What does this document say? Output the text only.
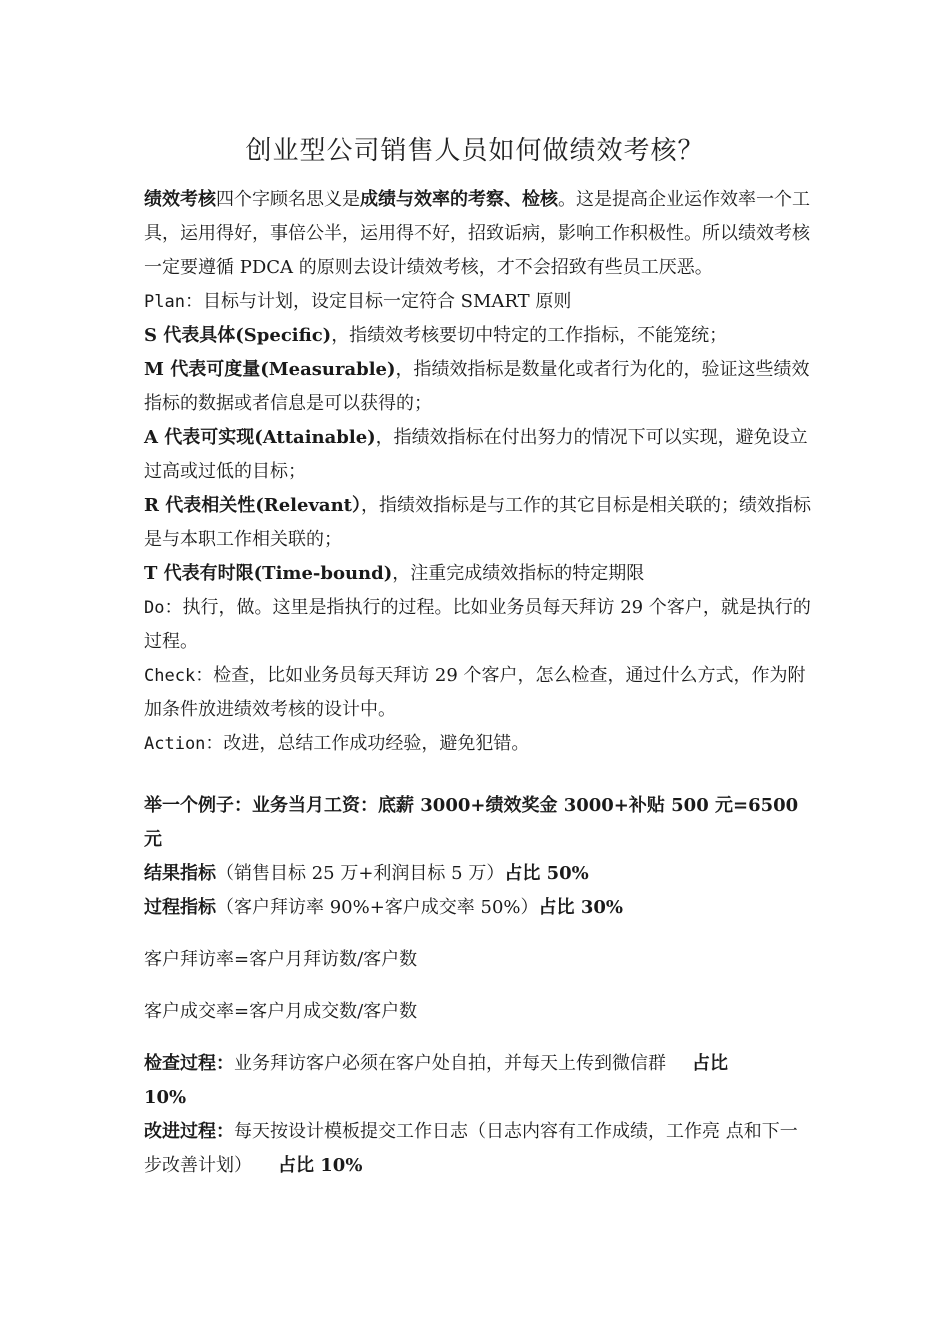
创业型公司销售人员如何做绩效考核？

绩效考核四个字顾名思义是成绩与效率的考察、检核。这是提高企业运作效率一个工具，运用得好，事倍公半，运用得不好，招致诟病，影响工作积极性。所以绩效考核一定要遵循 PDCA 的原则去设计绩效考核，才不会招致有些员工厌恶。

Plan：目标与计划，设定目标一定符合 SMART 原则

S 代表具体(Specific)，指绩效考核要切中特定的工作指标，不能笼统；

M 代表可度量(Measurable)，指绩效指标是数量化或者行为化的，验证这些绩效指标的数据或者信息是可以获得的；

A 代表可实现(Attainable)，指绩效指标在付出努力的情况下可以实现，避免设立过高或过低的目标；

R 代表相关性(Relevant），指绩效指标是与工作的其它目标是相关联的；绩效指标是与本职工作相关联的；

T 代表有时限(Time-bound)，注重完成绩效指标的特定期限

Do：执行，做。这里是指执行的过程。比如业务员每天拜访 29 个客户，就是执行的过程。

Check：检查，比如业务员每天拜访 29 个客户，怎么检查，通过什么方式，作为附加条件放进绩效考核的设计中。

Action：改进，总结工作成功经验，避免犯错。

举一个例子：业务当月工资：底薪 3000+绩效奖金 3000+补贴 500 元=6500 元

结果指标（销售目标 25 万+利润目标 5 万）占比 50%

过程指标（客户拜访率 90%+客户成交率 50%）占比 30%

客户拜访率=客户月拜访数/客户数

客户成交率=客户月成交数/客户数

检查过程：业务拜访客户必须在客户处自拍，并每天上传到微信群 占比
10%

改进过程：每天按设计模板提交工作日志（日志内容有工作成绩，工作亮 点和下一步改善计划） 占比 10%
